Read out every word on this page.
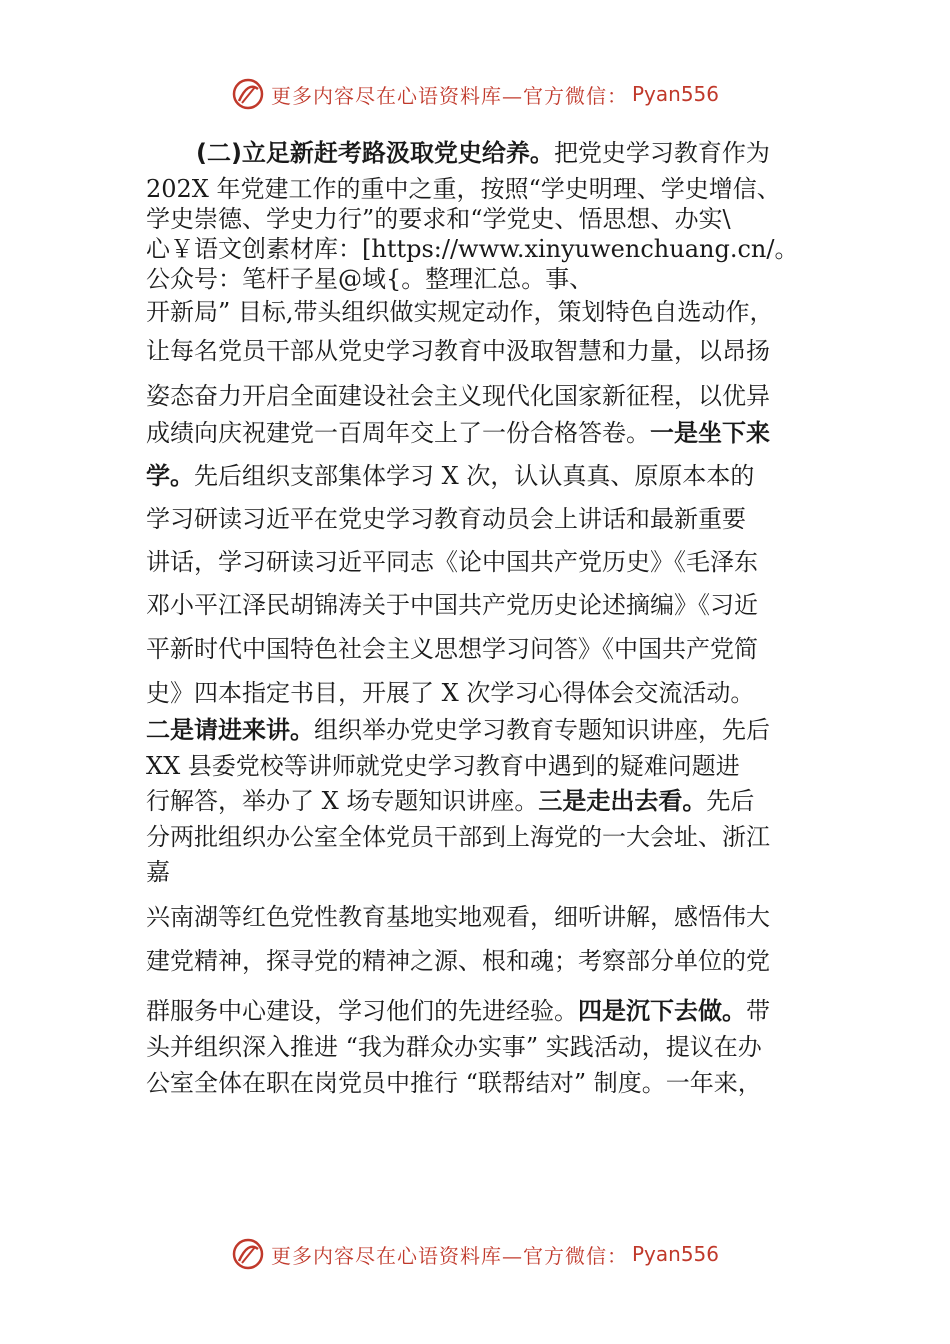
更多内容尽在心语资料库—官方微信： Pyan556
(二)立足新赶考路汲取党史给养。把党史学习教育作为
202X 年党建工作的重中之重，按照“学史明理、学史增信、
学史崇德、学史力行”的要求和“学党史、悟思想、办实\
心￥语文创素材库：[https://www.xinyuwenchuang.cn/。
公众号：笔杆子星@域{。整理汇总。事、
开新局” 目标,带头组织做实规定动作，策划特色自选动作，
让每名党员干部从党史学习教育中汲取智慧和力量，以昂扬
姿态奋力开启全面建设社会主义现代化国家新征程，以优异
成绩向庆祝建党一百周年交上了一份合格答卷。一是坐下来
学。先后组织支部集体学习 X 次，认认真真、原原本本的
学习研读习近平在党史学习教育动员会上讲话和最新重要
讲话，学习研读习近平同志《论中国共产党历史》《毛泽东
邓小平江泽民胡锦涛关于中国共产党历史论述摘编》《习近
平新时代中国特色社会主义思想学习问答》《中国共产党简
史》四本指定书目，开展了 X 次学习心得体会交流活动。
二是请进来讲。组织举办党史学习教育专题知识讲座，先后
XX 县委党校等讲师就党史学习教育中遇到的疑难问题进
行解答，举办了 X 场专题知识讲座。三是走出去看。先后
分两批组织办公室全体党员干部到上海党的一大会址、浙江
嘉
兴南湖等红色党性教育基地实地观看，细听讲解，感悟伟大
建党精神，探寻党的精神之源、根和魂；考察部分单位的党
群服务中心建设，学习他们的先进经验。四是沉下去做。带
头并组织深入推进 “我为群众办实事” 实践活动，提议在办
公室全体在职在岗党员中推行 “联帮结对” 制度。一年来，
更多内容尽在心语资料库—官方微信： Pyan556
